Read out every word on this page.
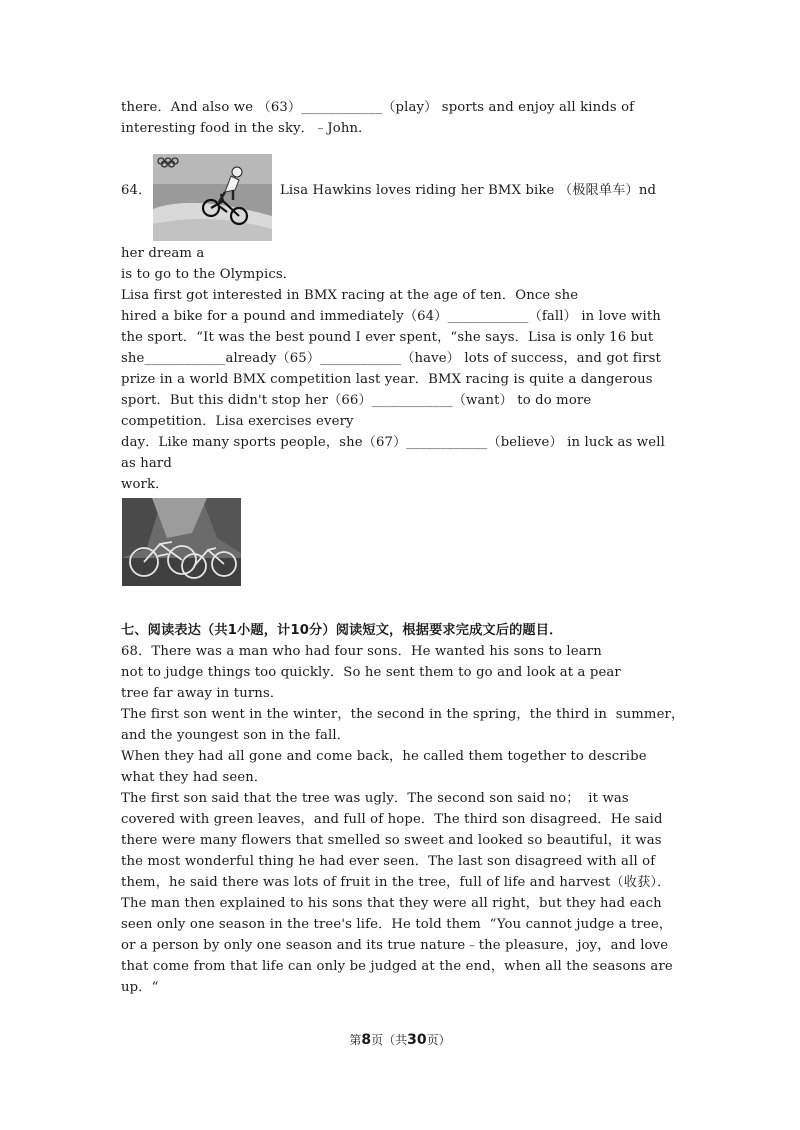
there．And also we （63）____________（play） sports and enjoy all kinds of
interesting food in the sky．﹣John．
64．	Lisa Hawkins loves riding her BMX bike （极限单车）nd
her dream a
is to go to the Olympics．
Lisa first got interested in BMX racing at the age of ten．Once she
hired a bike for a pound and immediately（64）____________（fall） in love with
the sport．“It was the best pound I ever spent，“she says．Lisa is only 16 but
she____________already（65）____________（have） lots of success，and got first
prize in a world BMX competition last year．BMX racing is quite a dangerous
sport．But this didn't stop her（66）____________（want） to do more
competition．Lisa exercises every
day．Like many sports people，she（67）____________（believe） in luck as well
as hard
work．
七、阅读表达（共1小题，计10分）阅读短文，根据要求完成文后的题目．
68．There was a man who had four sons．He wanted his sons to learn
not to judge things too quickly．So he sent them to go and look at a pear
tree far away in turns．
The first son went in the winter，the second in the spring，the third in  summer，
and the youngest son in the fall．
When they had all gone and come back，he called them together to describe
what they had seen．
The first son said that the tree was ugly．The second son said no；  it was
covered with green leaves，and full of hope．The third son disagreed．He said
there were many flowers that smelled so sweet and looked so beautiful，it was
the most wonderful thing he had ever seen．The last son disagreed with all of
them，he said there was lots of fruit in the tree，full of life and harvest（收获）．
The man then explained to his sons that they were all right，but they had each
seen only one season in the tree's life．He told them  “You cannot judge a tree，
or a person by only one season and its true nature﹣the pleasure，joy，and love
that come from that life can only be judged at the end，when all the seasons are
up．“
第8页（共30页）
